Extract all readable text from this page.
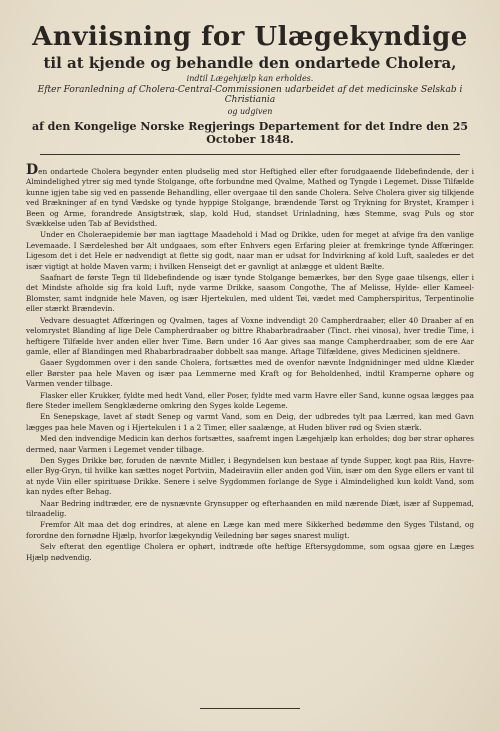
Anviisning for Ulægekyndige
til at kjende og behandle den ondartede Cholera,
indtil Lægehjælp kan erholdes.
Efter Foranledning af Cholera-Central-Commissionen udarbeidet af det medicinske Selskab i Christiania
og udgiven
af den Kongelige Norske Regjerings Departement for det Indre den 25 October 1848.

Den ondartede Cholera begynder enten pludselig med stor Heftighed eller efter forudgaaende Ildebefindende, der i Almindelighed ytrer sig med tynde Stolgange, ofte forbundne med Qvalme, Mathed og Tyngde i Legemet. Disse Tilfælde kunne igjen tabe sig ved en passende Behandling, eller overgaae til den sande Cholera. Selve Cholera giver sig tilkjende ved Brækninger af en tynd Vædske og tynde hyppige Stolgange, brændende Tørst og Trykning for Brystet, Kramper i Been og Arme, forandrede Ansigtstræk, slap, kold Hud, standset Urinladning, hæs Stemme, svag Puls og stor Svækkelse uden Tab af Bevidsthed.

Under en Choleraepidemie bør man iagttage Maadehold i Mad og Drikke, uden for meget at afvige fra den vanlige Levemaade. I Særdeleshed bør Alt undgaaes, som efter Enhvers egen Erfaring pleier at fremkringe tynde Affœringer. Ligesom det i det Hele er nødvendigt at flette sig godt, naar man er udsat for Indvirkning af kold Luft, saaledes er det især vigtigt at holde Maven varm; i hvilken Henseigt det er gavnligt at anlægge et uldent Bælte.

Saafnart de første Tegn til Ildebefindende og især tynde Stolgange bemærkes, bør den Syge gaae tilsengs, eller i det Mindste afholde sig fra kold Luft, nyde varme Drikke, saasom Congothe, The af Melisse, Hylde- eller Kameel-Blomster, samt indgnide hele Maven, og især Hjertekulen, med uldent Tøi, vædet med Campherspiritus, Terpentinolie eller stærkt Brændevin.

Vedvare desuagtet Affœringen og Qvalmen, tages af Voxne indvendigt 20 Campherdraaber, eller 40 Draaber af en velomrystet Blanding af lige Dele Campherdraaber og bittre Rhabarbradraaber (Tinct. rhei vinosa), hver tredie Time, i heftigere Tilfælde hver anden eller hver Time. Børn under 16 Aar gives saa mange Campherdraaber, som de ere Aar gamle, eller af Blandingen med Rhabarbradraaber dobbelt saa mange. Aftage Tilfældene, gives Medicinen sjeldnere.

Gaaer Sygdommen over i den sande Cholera, fortsættes med de ovenfor nævnte Indgnidninger med uldne Klæder eller Børster paa hele Maven og især paa Lemmerne med Kraft og for Beholdenhed, indtil Kramperne ophøre og Varmen vender tilbage.

Flasker eller Krukker, fyldte med hedt Vand, eller Poser, fyldte med varm Havre eller Sand, kunne ogsaa lægges paa flere Steder imellem Sengklæderne omkring den Syges kolde Legeme.

En Senepskage, lavet af stødt Senep og varmt Vand, som en Deig, der udbredes tylt paa Lærred, kan med Gavn lægges paa hele Maven og i Hjertekulen i 1 a 2 Timer, eller saalænge, at Huden bliver rød og Svien stærk.

Med den indvendige Medicin kan derhos fortsættes, saafremt ingen Lægehjælp kan erholdes; dog bør strar ophøres dermed, naar Varmen i Legemet vender tilbage.

Den Syges Drikke bør, foruden de nævnte Midler, i Begyndelsen kun bestaae af tynde Supper, kogt paa Riis, Havre- eller Byg-Gryn, til hvilke kan sættes noget Portviin, Madeiraviin eller anden god Viin, især om den Syge ellers er vant til at nyde Viin eller spirituøse Drikke. Senere i selve Sygdommen forlange de Syge i Almindelighed kun koldt Vand, som kan nydes efter Behag.

Naar Bedring indtræder, ere de nysnævnte Grynsupper og efterhaanden en mild nærende Diæt, især af Suppemad, tilraadelig.

Fremfor Alt maa det dog erindres, at alene en Læge kan med mere Sikkerhed bedømme den Syges Tilstand, og forordne den fornødne Hjælp, hvorfor lægekyndig Veiledning bør søges snarest muligt.

Selv efterat den egentlige Cholera er ophørt, indtræde ofte heftige Eftersygdomme, som ogsaa gjøre en Læges Hjælp nødvendig.
